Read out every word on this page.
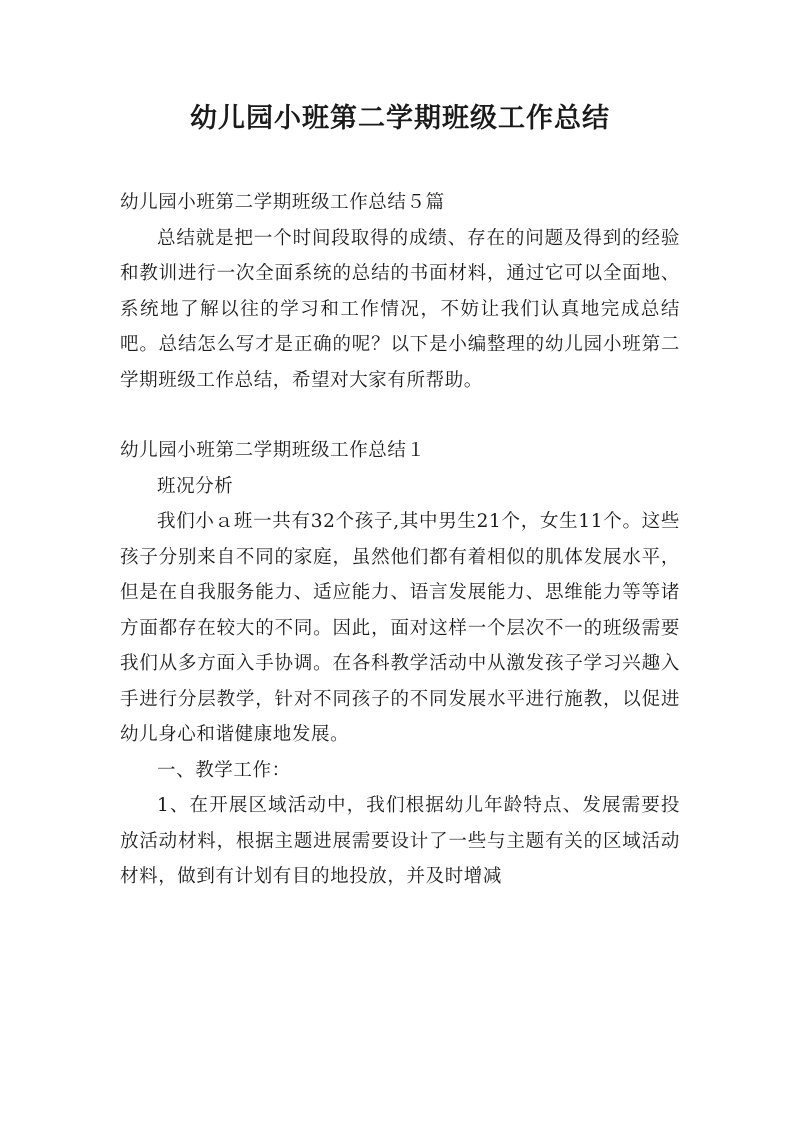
幼儿园小班第二学期班级工作总结

幼儿园小班第二学期班级工作总结５篇

总结就是把一个时间段取得的成绩、存在的问题及得到的经验和教训进行一次全面系统的总结的书面材料，通过它可以全面地、系统地了解以往的学习和工作情况，不妨让我们认真地完成总结吧。总结怎么写才是正确的呢？以下是小编整理的幼儿园小班第二学期班级工作总结，希望对大家有所帮助。

幼儿园小班第二学期班级工作总结１

班况分析

我们小ａ班一共有32个孩子,其中男生21个，女生11个。这些孩子分别来自不同的家庭，虽然他们都有着相似的肌体发展水平，但是在自我服务能力、适应能力、语言发展能力、思维能力等等诸方面都存在较大的不同。因此，面对这样一个层次不一的班级需要我们从多方面入手协调。在各科教学活动中从激发孩子学习兴趣入手进行分层教学，针对不同孩子的不同发展水平进行施教，以促进幼儿身心和谐健康地发展。

一、教学工作：

1、在开展区域活动中，我们根据幼儿年龄特点、发展需要投放活动材料，根据主题进展需要设计了一些与主题有关的区域活动材料，做到有计划有目的地投放，并及时增减
